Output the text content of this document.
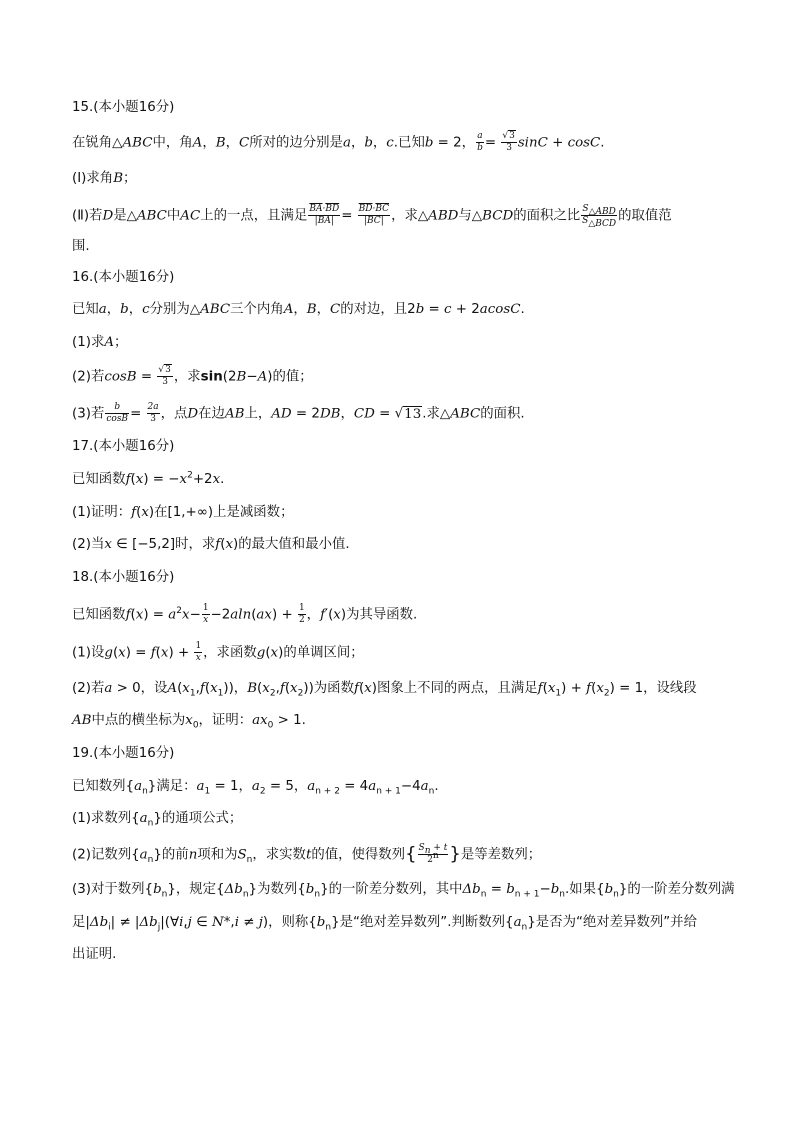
15.(本小题16分)
在锐角△ABC中，角A，B，C所对的边分别是a，b，c.已知b = 2， $\frac{a}{b} = \frac{√3}{3}$ sinC + cosC.
(Ⅰ)求角B；
(Ⅱ)若D是△ABC中AC上的一点，且满足 $\frac{\overline{BA}\cdot\overline{BD}}{|\overline{BA}|} = \frac{\overline{BD}\cdot\overline{BC}}{|\overline{BC}|}$ ，求△ABD与△BCD的面积之比 $\frac{S_{\triangle ABD}}{S_{\triangle BCD}}$ 的取值范
围.
16.(本小题16分)
已知a，b，c分别为△ABC三个内角A，B，C的对边，且2b = c + 2acosC.
(1)求A；
(2)若$\cos B = \frac{√3}{3}$ ，求sin(2B−A)的值；
(3)若 $\frac{b}{\cos B} = \frac{2a}{3}$ ，点D在边AB上，AD = 2DB，CD = √13.求△ABC的面积.
17.(本小题16分)
已知函数$f(x) = -x^2+2x$.
(1)证明：f(x)在[1,+∞)上是减函数；
(2)当x ∈ [−5,2]时，求f(x)的最大值和最小值.
18.(本小题16分)
已知函数$f(x) = a^2x- \frac{1}{x} -2aln(ax) + \frac{1}{2}$ ，f′(x)为其导函数.
(1)设$g(x) = f(x) + \frac{1}{x}$ ，求函数g(x)的单调区间；
(2)若a > 0，设$A(x_1,f(x_1))$，$B(x_2,f(x_2))$为函数f(x)图象上不同的两点，且满足$f(x_1) + f(x_2) = 1$，设线段
AB中点的横坐标为$x_0$，证明：$ax_0 > 1$.
19.(本小题16分)
已知数列$\{a_n\}$满足：$a_1 = 1$，$a_2 = 5$，$a_{n + 2} = 4a_{n + 1}-4a_n$.
(1)求数列$\{a_n\}$的通项公式；
(2)记数列$\{a_n\}$的前n项和为$S_n$，求实数t的值，使得数列{ $\frac{S_n + t}{2^n}$ }是等差数列；
(3)对于数列$\{b_n\}$，规定$\{\Delta b_n\}$为数列$\{b_n\}$的一阶差分数列，其中$\Delta b_n = b_{n + 1}-b_n$.如果$\{b_n\}$的一阶差分数列满
足$|\Delta b_i|$ ≠ $|\Delta b_j|(\forall i,j$ ∈ N*,i ≠ j)，则称$\{b_n\}$是“绝对差异数列”.判断数列$\{a_n\}$是否为“绝对差异数列”并给
出证明.
